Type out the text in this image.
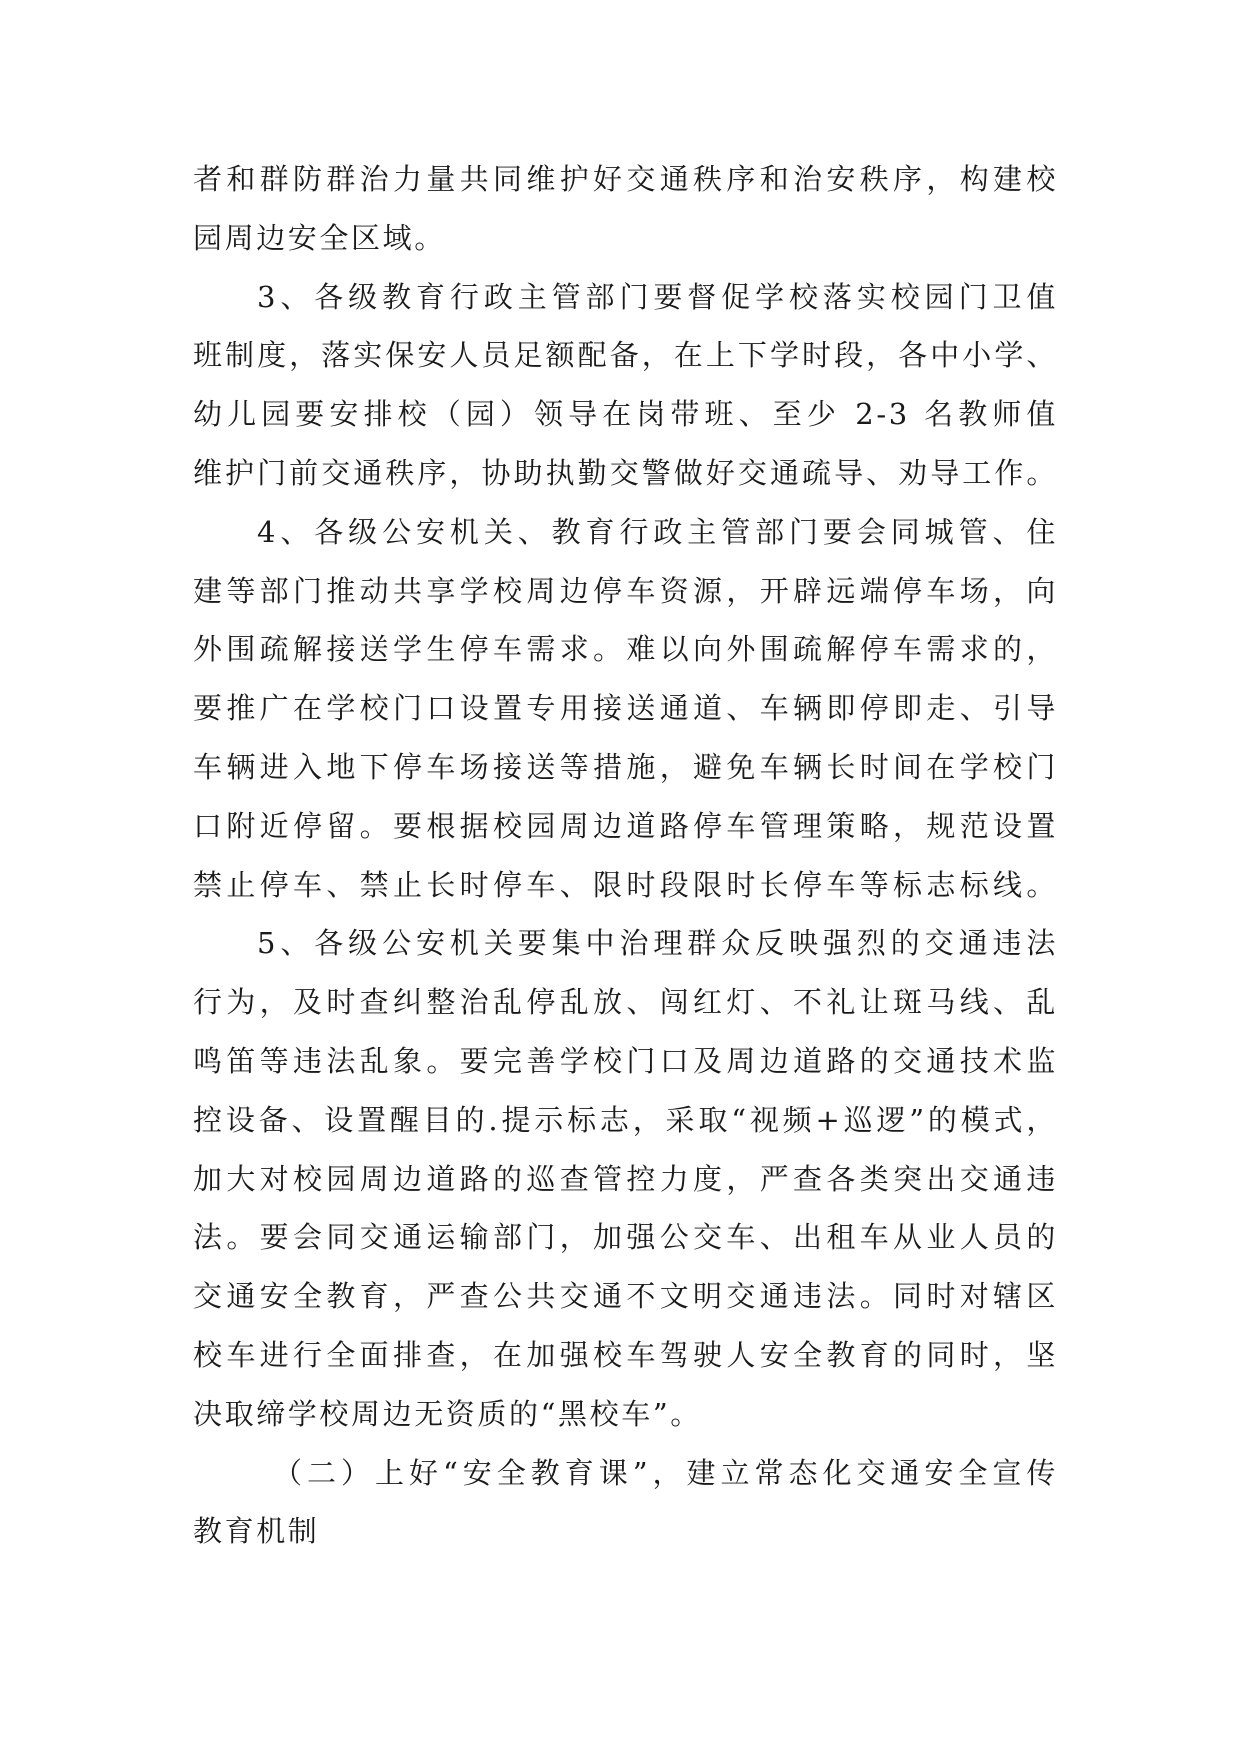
者和群防群治力量共同维护好交通秩序和治安秩序，构建校
园周边安全区域。
3、各级教育行政主管部门要督促学校落实校园门卫值
班制度，落实保安人员足额配备，在上下学时段，各中小学、
幼儿园要安排校（园）领导在岗带班、至少 2-3 名教师值
维护门前交通秩序，协助执勤交警做好交通疏导、劝导工作。
4、各级公安机关、教育行政主管部门要会同城管、住
建等部门推动共享学校周边停车资源，开辟远端停车场，向
外围疏解接送学生停车需求。难以向外围疏解停车需求的，
要推广在学校门口设置专用接送通道、车辆即停即走、引导
车辆进入地下停车场接送等措施，避免车辆长时间在学校门
口附近停留。要根据校园周边道路停车管理策略，规范设置
禁止停车、禁止长时停车、限时段限时长停车等标志标线。
5、各级公安机关要集中治理群众反映强烈的交通违法
行为，及时查纠整治乱停乱放、闯红灯、不礼让斑马线、乱
鸣笛等违法乱象。要完善学校门口及周边道路的交通技术监
控设备、设置醒目的.提示标志，采取“视频+巡逻”的模式，
加大对校园周边道路的巡查管控力度，严查各类突出交通违
法。要会同交通运输部门，加强公交车、出租车从业人员的
交通安全教育，严查公共交通不文明交通违法。同时对辖区
校车进行全面排查，在加强校车驾驶人安全教育的同时，坚
决取缔学校周边无资质的“黑校车”。
（二）上好“安全教育课”，建立常态化交通安全宣传
教育机制
